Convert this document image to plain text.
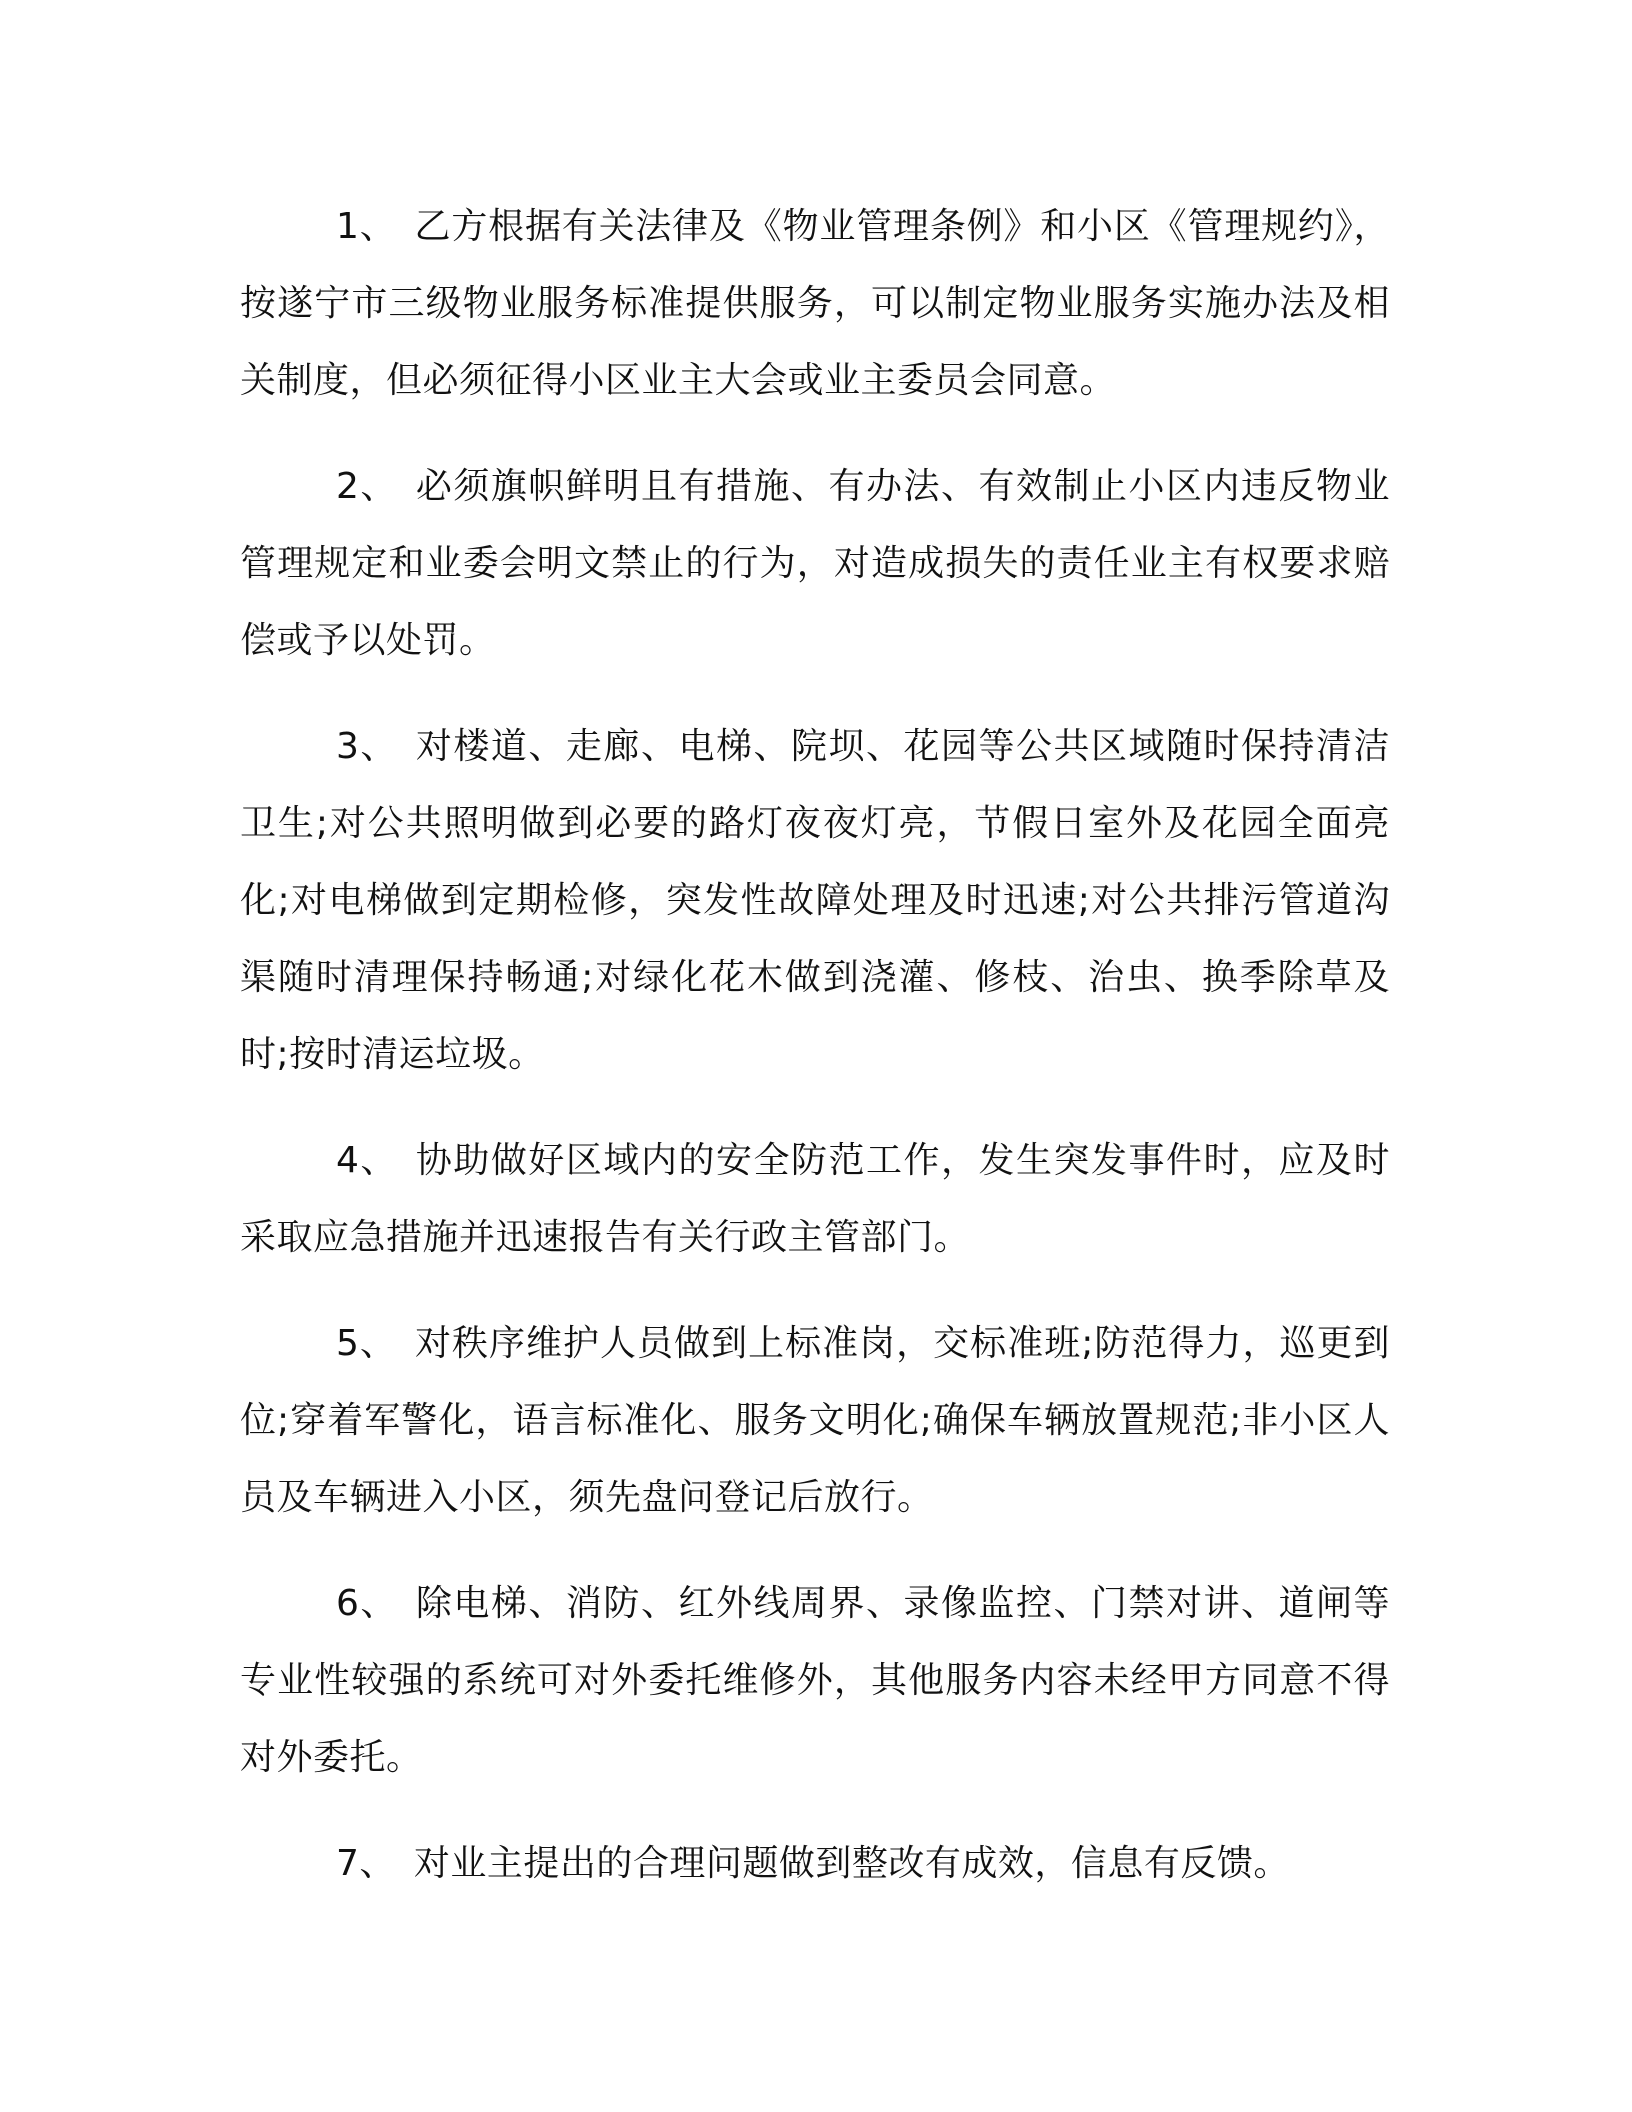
1、 乙方根据有关法律及《物业管理条例》和小区《管理规约》，按遂宁市三级物业服务标准提供服务，可以制定物业服务实施办法及相关制度，但必须征得小区业主大会或业主委员会同意。

2、 必须旗帜鲜明且有措施、有办法、有效制止小区内违反物业管理规定和业委会明文禁止的行为，对造成损失的责任业主有权要求赔偿或予以处罚。

3、 对楼道、走廊、电梯、院坝、花园等公共区域随时保持清洁卫生;对公共照明做到必要的路灯夜夜灯亮，节假日室外及花园全面亮化;对电梯做到定期检修，突发性故障处理及时迅速;对公共排污管道沟渠随时清理保持畅通;对绿化花木做到浇灌、修枝、治虫、换季除草及时;按时清运垃圾。

4、 协助做好区域内的安全防范工作，发生突发事件时，应及时采取应急措施并迅速报告有关行政主管部门。

5、 对秩序维护人员做到上标准岗，交标准班;防范得力，巡更到位;穿着军警化，语言标准化、服务文明化;确保车辆放置规范;非小区人员及车辆进入小区，须先盘问登记后放行。

6、 除电梯、消防、红外线周界、录像监控、门禁对讲、道闸等专业性较强的系统可对外委托维修外，其他服务内容未经甲方同意不得对外委托。

7、 对业主提出的合理问题做到整改有成效，信息有反馈。
